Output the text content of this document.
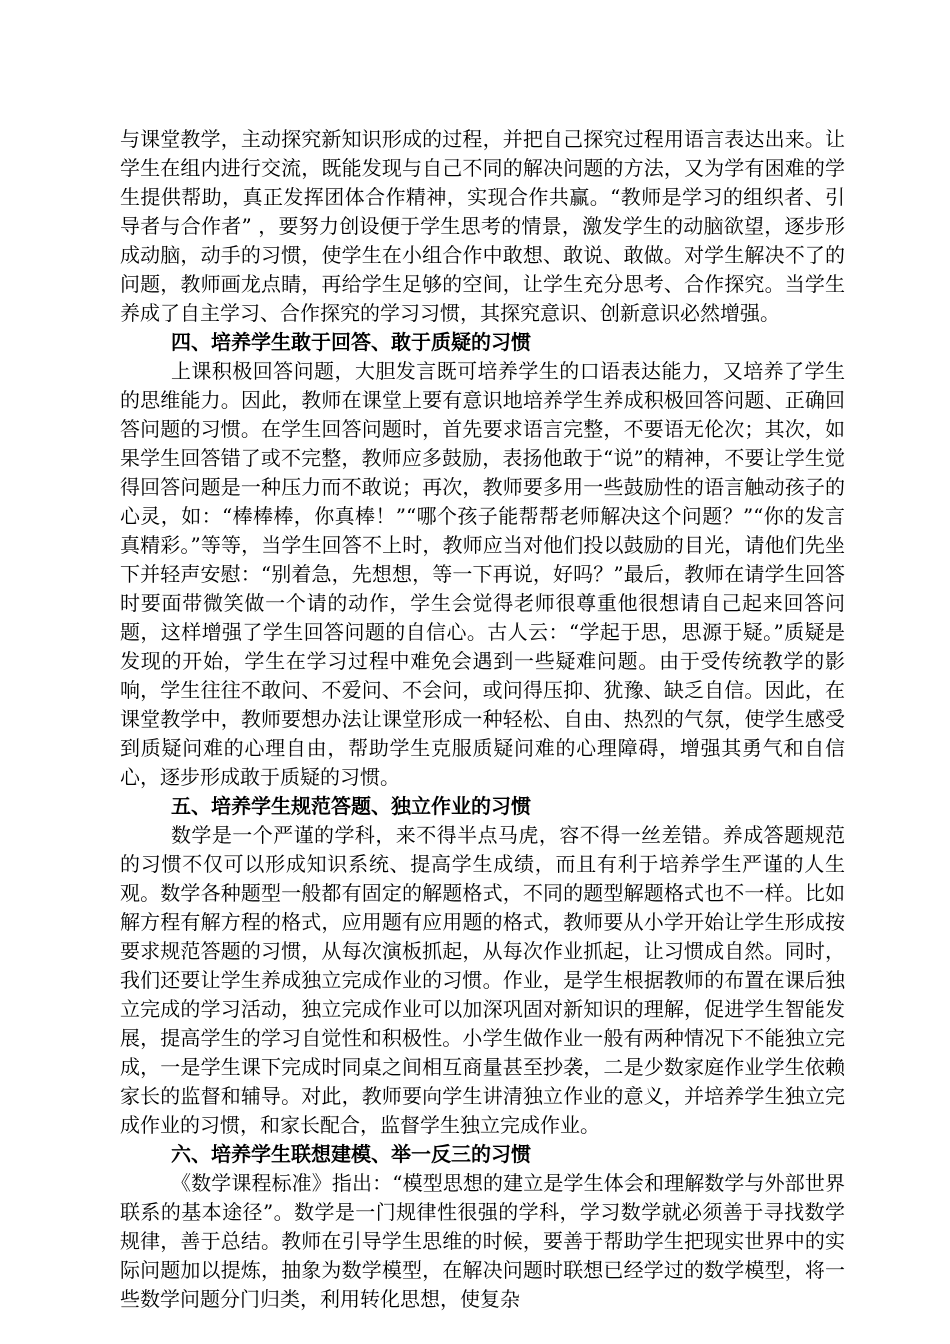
与课堂教学，主动探究新知识形成的过程，并把自己探究过程用语言表达出来。让学生在组内进行交流，既能发现与自己不同的解决问题的方法，又为学有困难的学生提供帮助，真正发挥团体合作精神，实现合作共赢。“教师是学习的组织者、引导者与合作者” ，要努力创设便于学生思考的情景，激发学生的动脑欲望，逐步形成动脑，动手的习惯，使学生在小组合作中敢想、敢说、敢做。对学生解决不了的问题，教师画龙点睛，再给学生足够的空间，让学生充分思考、合作探究。当学生养成了自主学习、合作探究的学习习惯，其探究意识、创新意识必然增强。

四、培养学生敢于回答、敢于质疑的习惯

上课积极回答问题，大胆发言既可培养学生的口语表达能力，又培养了学生的思维能力。因此，教师在课堂上要有意识地培养学生养成积极回答问题、正确回答问题的习惯。在学生回答问题时，首先要求语言完整，不要语无伦次；其次，如果学生回答错了或不完整，教师应多鼓励，表扬他敢于“说”的精神，不要让学生觉得回答问题是一种压力而不敢说；再次，教师要多用一些鼓励性的语言触动孩子的心灵，如：“棒棒棒，你真棒！”“哪个孩子能帮帮老师解决这个问题？”“你的发言真精彩。”等等，当学生回答不上时，教师应当对他们投以鼓励的目光，请他们先坐下并轻声安慰：“别着急，先想想，等一下再说，好吗？”最后，教师在请学生回答时要面带微笑做一个请的动作，学生会觉得老师很尊重他很想请自己起来回答问题，这样增强了学生回答问题的自信心。古人云：“学起于思，思源于疑。”质疑是发现的开始，学生在学习过程中难免会遇到一些疑难问题。由于受传统教学的影响，学生往往不敢问、不爱问、不会问，或问得压抑、犹豫、缺乏自信。因此，在课堂教学中，教师要想办法让课堂形成一种轻松、自由、热烈的气氛，使学生感受到质疑问难的心理自由，帮助学生克服质疑问难的心理障碍，增强其勇气和自信心，逐步形成敢于质疑的习惯。

五、培养学生规范答题、独立作业的习惯

数学是一个严谨的学科，来不得半点马虎，容不得一丝差错。养成答题规范的习惯不仅可以形成知识系统、提高学生成绩，而且有利于培养学生严谨的人生观。数学各种题型一般都有固定的解题格式，不同的题型解题格式也不一样。比如解方程有解方程的格式，应用题有应用题的格式，教师要从小学开始让学生形成按要求规范答题的习惯，从每次演板抓起，从每次作业抓起，让习惯成自然。同时，我们还要让学生养成独立完成作业的习惯。作业，是学生根据教师的布置在课后独立完成的学习活动，独立完成作业可以加深巩固对新知识的理解，促进学生智能发展，提高学生的学习自觉性和积极性。小学生做作业一般有两种情况下不能独立完成，一是学生课下完成时同桌之间相互商量甚至抄袭，二是少数家庭作业学生依赖家长的监督和辅导。对此，教师要向学生讲清独立作业的意义，并培养学生独立完成作业的习惯，和家长配合，监督学生独立完成作业。

六、培养学生联想建模、举一反三的习惯

《数学课程标准》指出：“模型思想的建立是学生体会和理解数学与外部世界联系的基本途径”。数学是一门规律性很强的学科，学习数学就必须善于寻找数学规律，善于总结。教师在引导学生思维的时候，要善于帮助学生把现实世界中的实际问题加以提炼，抽象为数学模型，在解决问题时联想已经学过的数学模型，将一些数学问题分门归类，利用转化思想，使复杂
